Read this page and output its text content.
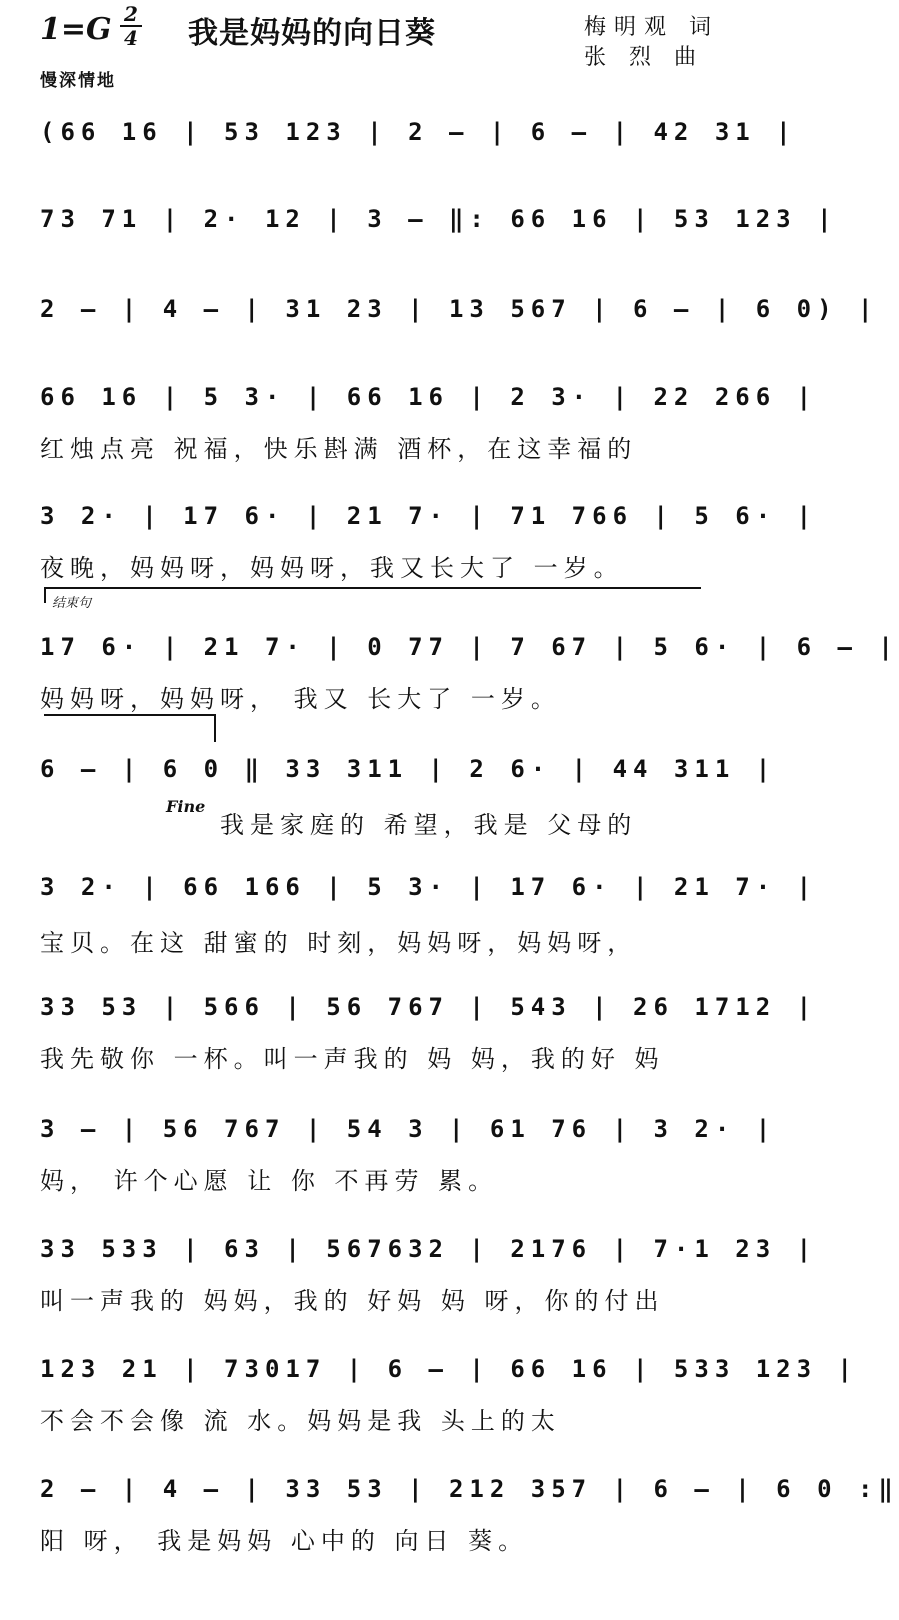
1=G 2
4 我是妈妈的向日葵	梅明观 词
张 烈 曲
慢深情地
(66 16 | 53 123 | 2 – | 6 – | 42 31 |
73 71 | 2· 12 | 3 – ‖: 66 16 | 53 123 |
2 – | 4 – | 31 23 | 13 567 | 6 – | 6 0) |
66 16 | 5 3· | 66 16 | 2 3· | 22 266 |
红烛点亮 祝福，快乐斟满 酒杯，在这幸福的
3 2· | 17 6· | 21 7· | 71 766 | 5 6· |
夜晚，妈妈呀，妈妈呀，我又长大了 一岁。
结束句
17 6· | 21 7· | 0 77 | 7 67 | 5 6· | 6 – |
妈妈呀，妈妈呀， 我又 长大了 一岁。
6 – | 6 0 ‖ 33 311 | 2 6· | 44 311 |
我是家庭的 希望，我是 父母的
Fine
3 2· | 66 166 | 5 3· | 17 6· | 21 7· |
宝贝。在这 甜蜜的 时刻，妈妈呀，妈妈呀，
33 53 | 566 | 56 767 | 543 | 26 1712 |
我先敬你 一杯。叫一声我的 妈 妈，我的好 妈
3 – | 56 767 | 54 3 | 61 76 | 3 2· |
妈， 许个心愿 让 你 不再劳 累。
33 533 | 63 | 567632 | 2176 | 7·1 23 |
叫一声我的 妈妈，我的 好妈 妈 呀，你的付出
123 21 | 73017 | 6 – | 66 16 | 533 123 |
不会不会像 流 水。妈妈是我 头上的太
2 – | 4 – | 33 53 | 212 357 | 6 – | 6 0 :‖
阳 呀， 我是妈妈 心中的 向日 葵。
